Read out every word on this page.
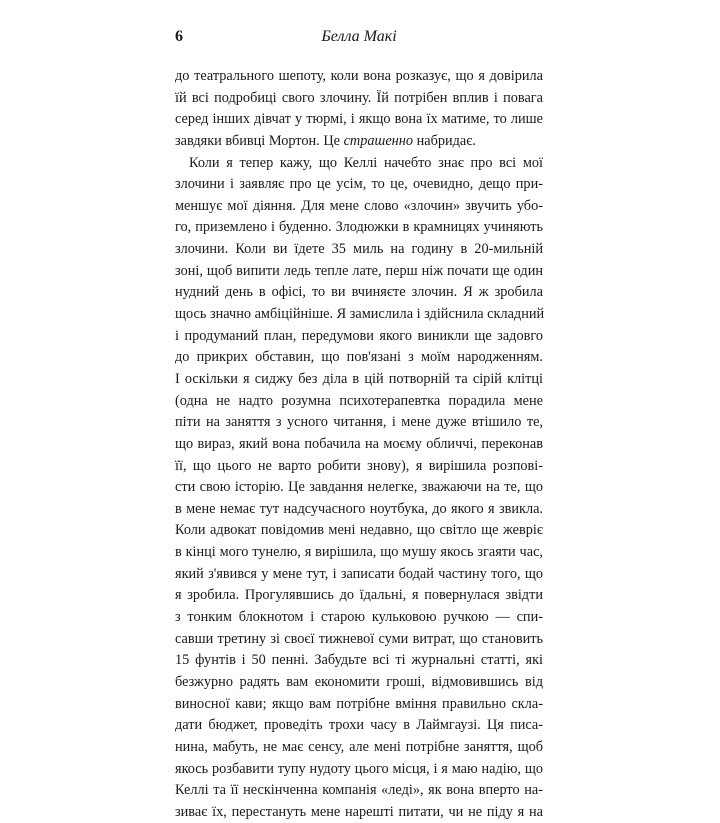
6	Белла Макі
до театрального шепоту, коли вона розказує, що я довірила
їй всі подробиці свого злочину. Їй потрібен вплив і повага
серед інших дівчат у тюрмі, і якщо вона їх матиме, то лише
завдяки вбивці Мортон. Це страшенно набридає.
Коли я тепер кажу, що Келлі начебто знає про всі мої
злочини і заявляє про це усім, то це, очевидно, дещо при-
меншує мої діяння. Для мене слово «злочин» звучить убо-
го, приземлено і буденно. Злодюжки в крамницях учиняють
злочини. Коли ви їдете 35 миль на годину в 20-мильній
зоні, щоб випити ледь тепле лате, перш ніж почати ще один
нудний день в офісі, то ви вчиняєте злочин. Я ж зробила
щось значно амбіційніше. Я замислила і здійснила складний
і продуманий план, передумови якого виникли ще задовго
до прикрих обставин, що пов'язані з моїм народженням.
І оскільки я сиджу без діла в цій потворній та сірій клітці
(одна не надто розумна психотерапевтка порадила мене
піти на заняття з усного читання, і мене дуже втішило те,
що вираз, який вона побачила на моєму обличчі, переконав
її, що цього не варто робити знову), я вирішила розпові-
сти свою історію. Це завдання нелегке, зважаючи на те, що
в мене немає тут надсучасного ноутбука, до якого я звикла.
Коли адвокат повідомив мені недавно, що світло ще жевріє
в кінці мого тунелю, я вирішила, що мушу якось згаяти час,
який з'явився у мене тут, і записати бодай частину того, що
я зробила. Прогулявшись до їдальні, я повернулася звідти
з тонким блокнотом і старою кульковою ручкою — спи-
савши третину зі своєї тижневої суми витрат, що становить
15 фунтів і 50 пенні. Забудьте всі ті журнальні статті, які
безжурно радять вам економити гроші, відмовившись від
виносної кави; якщо вам потрібне вміння правильно скла-
дати бюджет, проведіть трохи часу в Лаймгаузі. Ця писа-
нина, мабуть, не має сенсу, але мені потрібне заняття, щоб
якось розбавити тупу нудоту цього місця, і я маю надію, що
Келлі та її нескінченна компанія «леді», як вона вперто на-
зиває їх, перестануть мене нарешті питати, чи не піду я на
